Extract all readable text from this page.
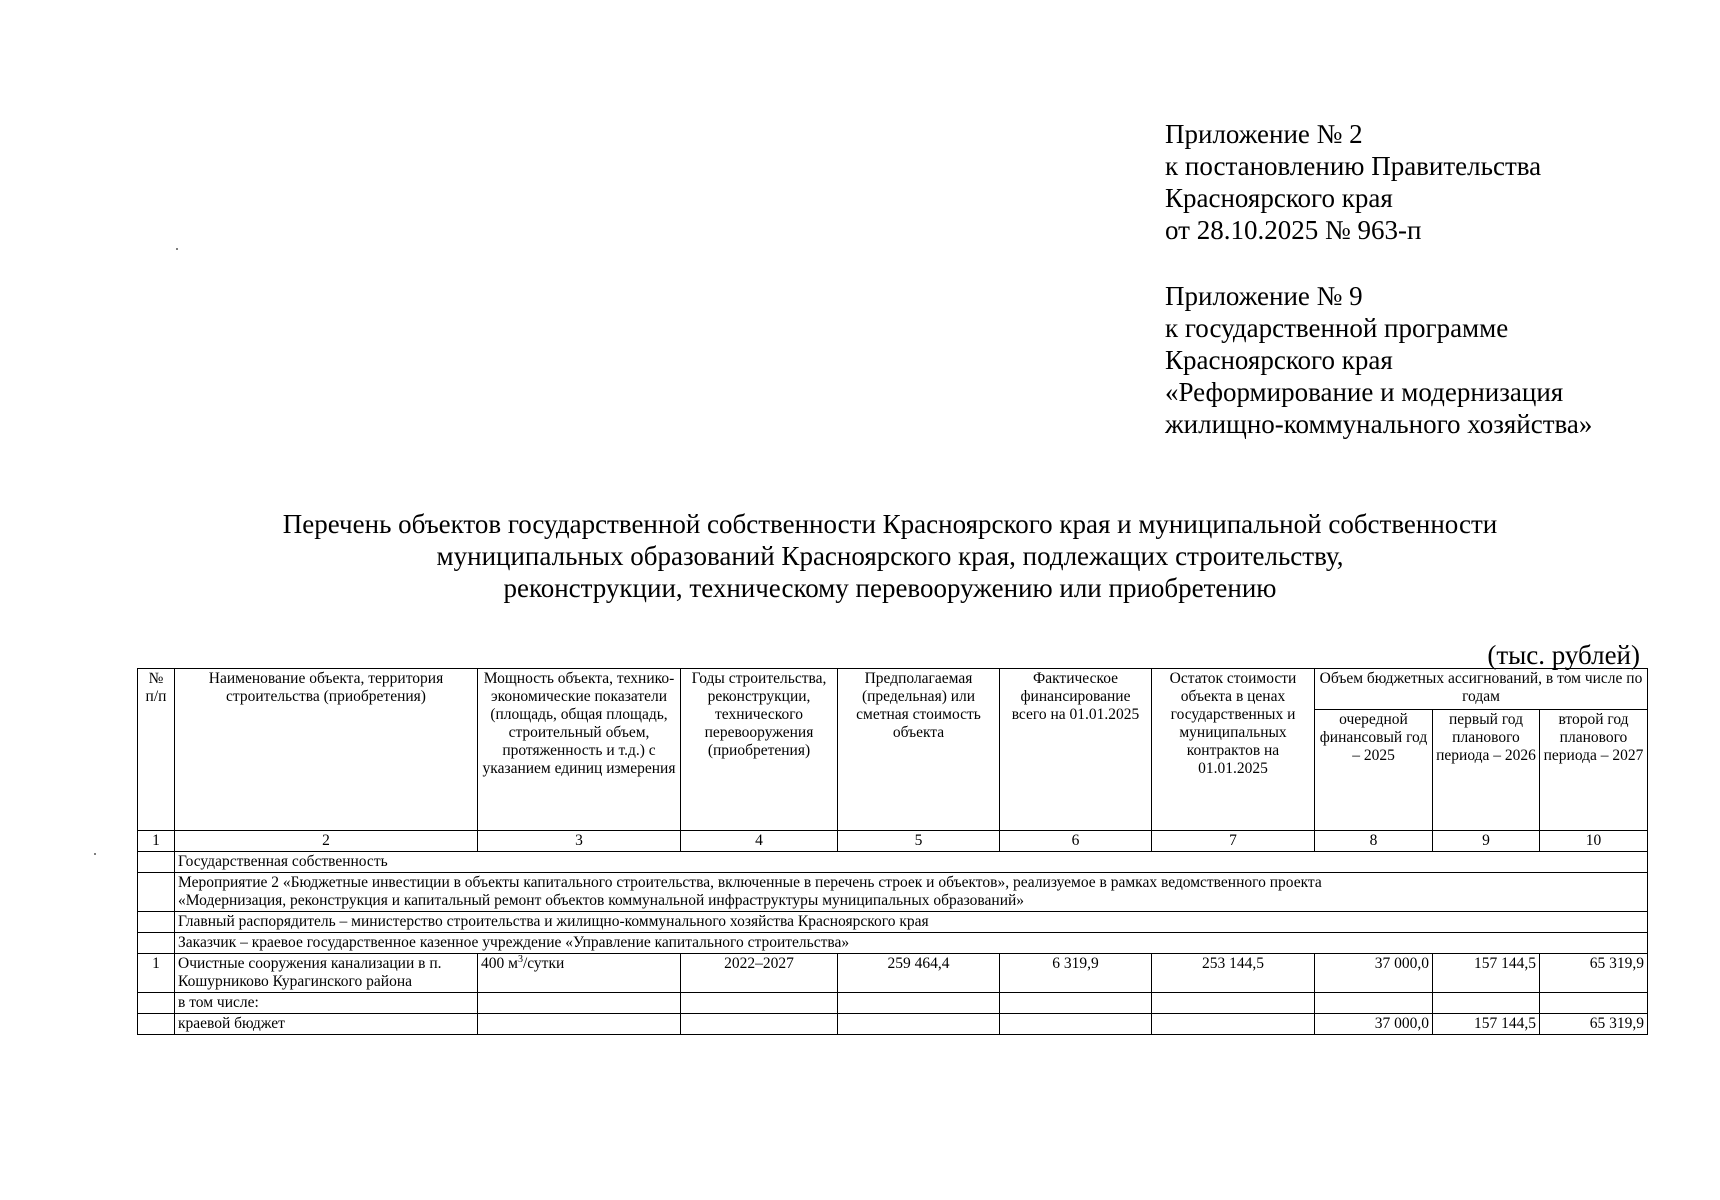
Приложение № 2
к постановлению Правительства
Красноярского края
от 28.10.2025 № 963-п
Приложение № 9
к государственной программе
Красноярского края
«Реформирование и модернизация
жилищно-коммунального хозяйства»
Перечень объектов государственной собственности Красноярского края и муниципальной собственности
муниципальных образований Красноярского края, подлежащих строительству,
реконструкции, техническому перевооружению или приобретению
(тыс. рублей)
№ п/п	Наименование объекта, территория строительства (приобретения)	Мощность объекта, технико-экономические показатели (площадь, общая площадь, строительный объем, протяженность и т.д.) с указанием единиц измерения	Годы строительства, реконструкции, технического перевооружения (приобретения)	Предполагаемая (предельная) или сметная стоимость объекта	Фактическое финансирование всего на 01.01.2025	Остаток стоимости объекта в ценах государственных и муниципальных контрактов на 01.01.2025	Объем бюджетных ассигнований, в том числе по годам		
							очередной финансовый год – 2025	первый год планового периода – 2026	второй год планового периода – 2027
1	2	3	4	5	6	7	8	9	10
	Государственная собственность								

	Мероприятие 2 «Бюджетные инвестиции в объекты капитального строительства, включенные в перечень строек и объектов», реализуемое в рамках ведомственного проекта
«Модернизация, реконструкция и капитальный ремонт объектов коммунальной инфраструктуры муниципальных образований»								

	Главный распорядитель – министерство строительства и жилищно-коммунального хозяйства Красноярского края								
	Заказчик – краевое государственное казенное учреждение «Управление капитального строительства»								
1	Очистные сооружения канализации в п. Кошурниково Курагинского района	400 $м^3$/сутки	2022–2027	259 464,4	6 319,9	253 144,5	37 000,0	157 144,5	65 319,9
	в том числе:								
	краевой бюджет						37 000,0	157 144,5	65 319,9
